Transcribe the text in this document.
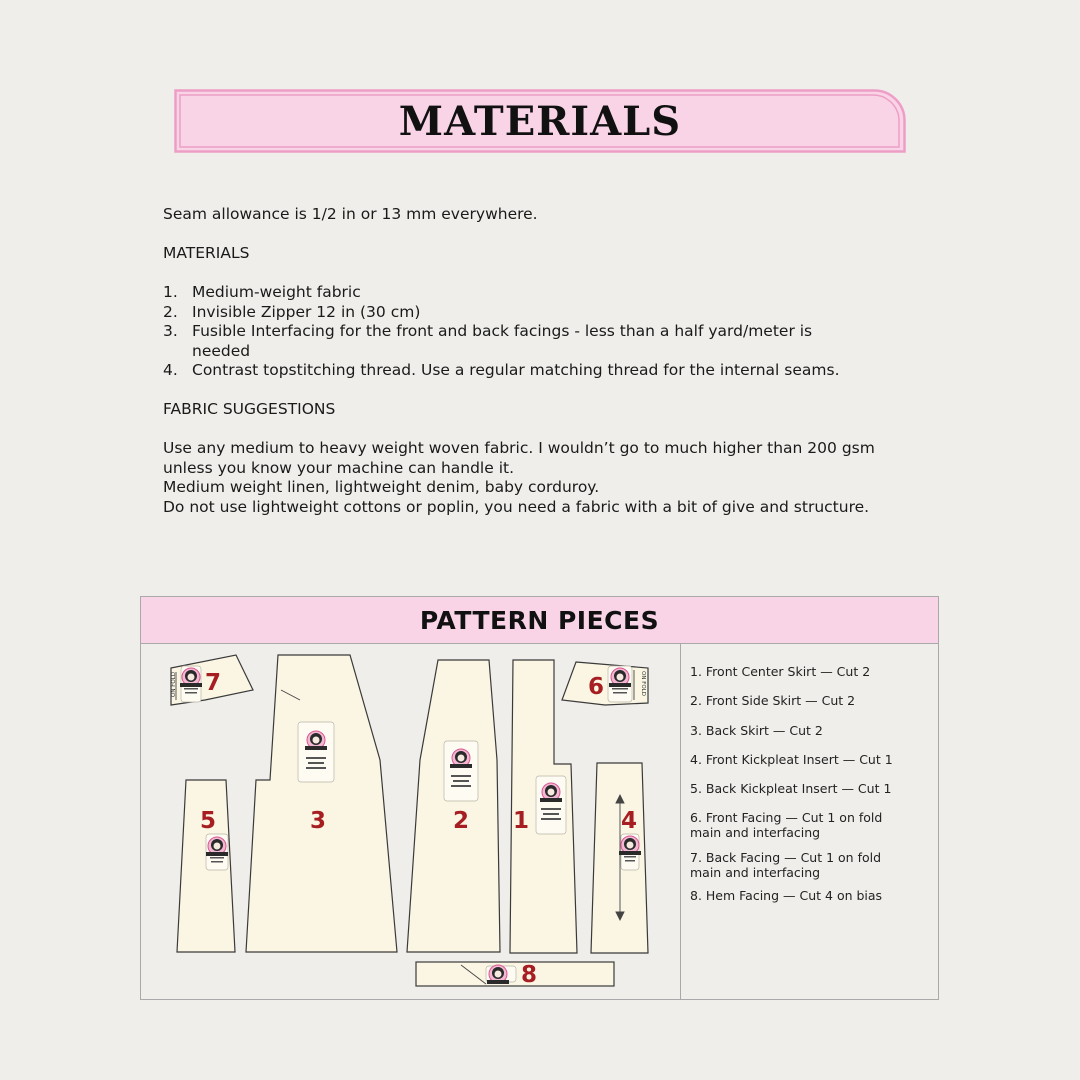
MATERIALS

Seam allowance is 1/2 in or 13 mm everywhere.

MATERIALS

1. Medium-weight fabric
2. Invisible Zipper 12 in (30 cm)
3. Fusible Interfacing for the front and back facings - less than a half yard/meter is needed
4. Contrast topstitching thread. Use a regular matching thread for the internal seams.

FABRIC SUGGESTIONS

Use any medium to heavy weight woven fabric. I wouldn’t go to much higher than 200 gsm unless you know your machine can handle it.

Medium weight linen, lightweight denim, baby corduroy.

Do not use lightweight cottons or poplin, you need a fabric with a bit of give and structure.

PATTERN PIECES
ON FOLD
ON FOLD 7	6
5	3	2 1	4
8
1. Front Center Skirt — Cut 2
2. Front Side Skirt — Cut 2
3. Back Skirt — Cut 2
4. Front Kickpleat Insert — Cut 1
5. Back Kickpleat Insert — Cut 1
6. Front Facing — Cut 1 on fold
main and interfacing
7. Back Facing — Cut 1 on fold
main and interfacing
8. Hem Facing — Cut 4 on bias
